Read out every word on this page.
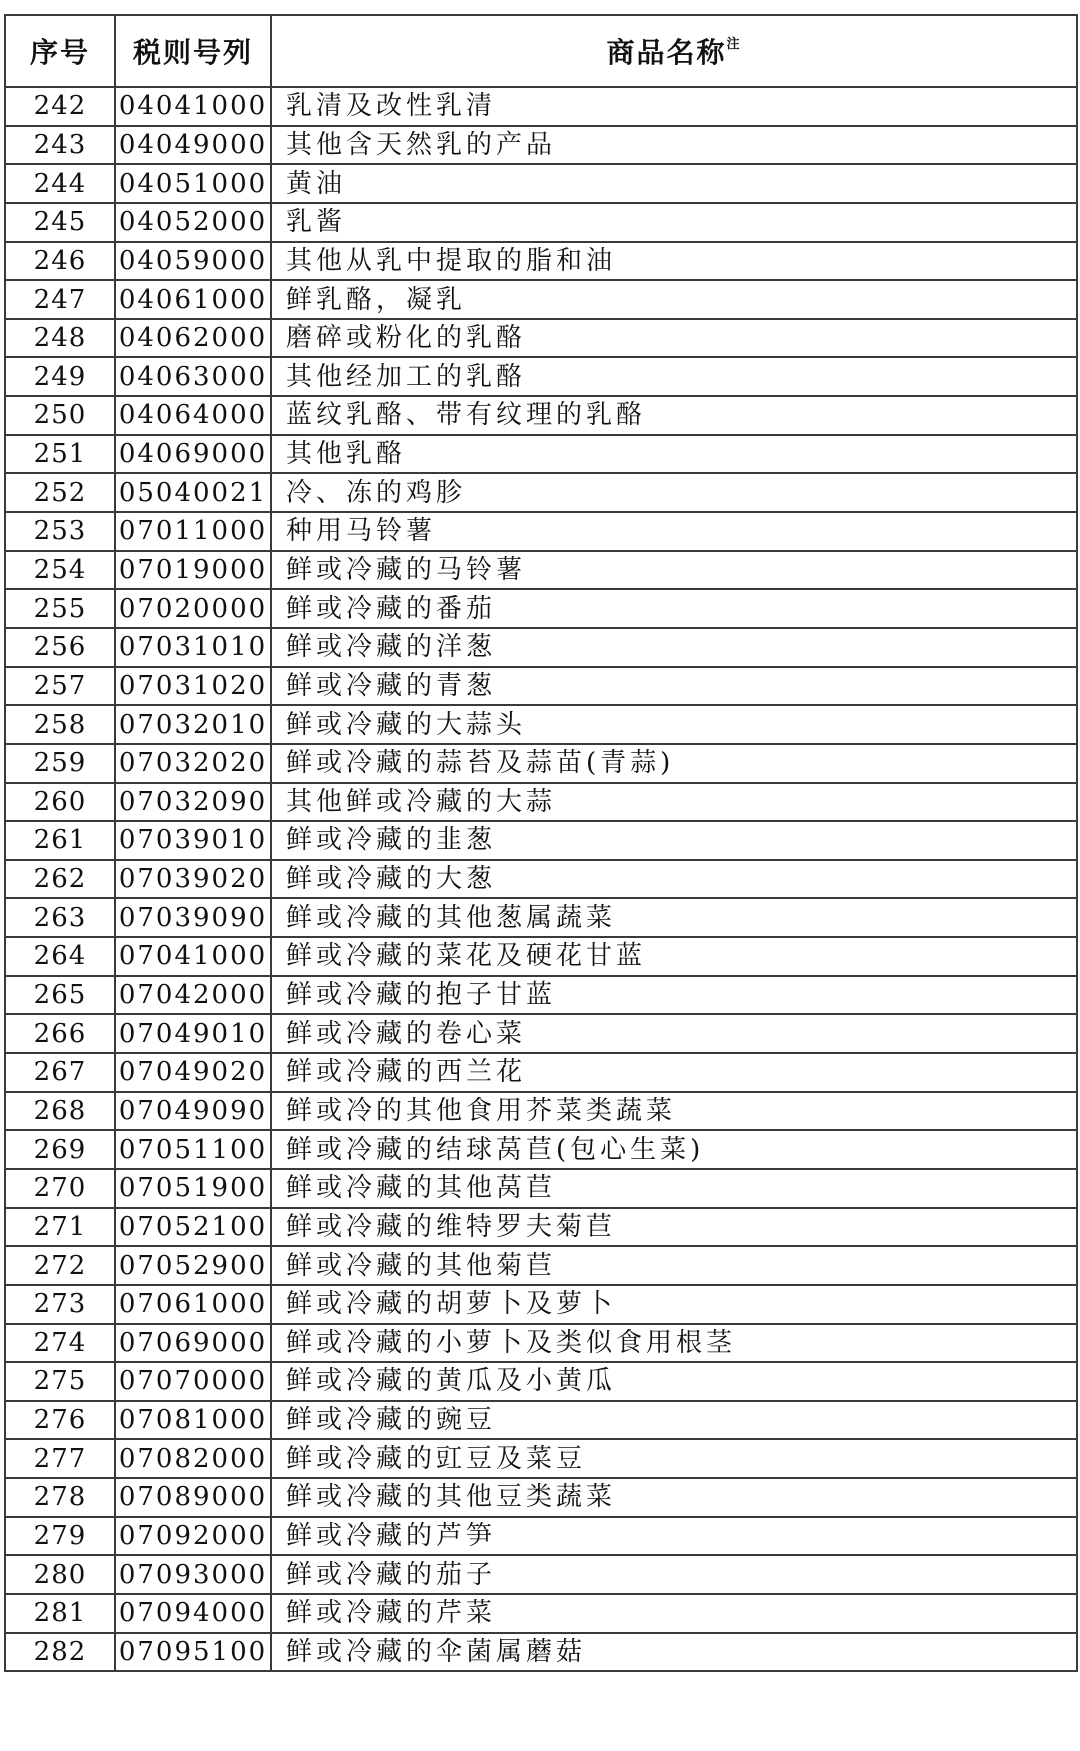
序号	税则号列	商品名称$^注$
242	04041000	乳清及改性乳清
243	04049000	其他含天然乳的产品
244	04051000	黄油
245	04052000	乳酱
246	04059000	其他从乳中提取的脂和油
247	04061000	鲜乳酪，凝乳
248	04062000	磨碎或粉化的乳酪
249	04063000	其他经加工的乳酪
250	04064000	蓝纹乳酪、带有纹理的乳酪
251	04069000	其他乳酪
252	05040021	冷、冻的鸡胗
253	07011000	种用马铃薯
254	07019000	鲜或冷藏的马铃薯
255	07020000	鲜或冷藏的番茄
256	07031010	鲜或冷藏的洋葱
257	07031020	鲜或冷藏的青葱
258	07032010	鲜或冷藏的大蒜头
259	07032020	鲜或冷藏的蒜苔及蒜苗(青蒜)
260	07032090	其他鲜或冷藏的大蒜
261	07039010	鲜或冷藏的韭葱
262	07039020	鲜或冷藏的大葱
263	07039090	鲜或冷藏的其他葱属蔬菜
264	07041000	鲜或冷藏的菜花及硬花甘蓝
265	07042000	鲜或冷藏的抱子甘蓝
266	07049010	鲜或冷藏的卷心菜
267	07049020	鲜或冷藏的西兰花
268	07049090	鲜或冷的其他食用芥菜类蔬菜
269	07051100	鲜或冷藏的结球莴苣(包心生菜)
270	07051900	鲜或冷藏的其他莴苣
271	07052100	鲜或冷藏的维特罗夫菊苣
272	07052900	鲜或冷藏的其他菊苣
273	07061000	鲜或冷藏的胡萝卜及萝卜
274	07069000	鲜或冷藏的小萝卜及类似食用根茎
275	07070000	鲜或冷藏的黄瓜及小黄瓜
276	07081000	鲜或冷藏的豌豆
277	07082000	鲜或冷藏的豇豆及菜豆
278	07089000	鲜或冷藏的其他豆类蔬菜
279	07092000	鲜或冷藏的芦笋
280	07093000	鲜或冷藏的茄子
281	07094000	鲜或冷藏的芹菜
282	07095100	鲜或冷藏的伞菌属蘑菇
